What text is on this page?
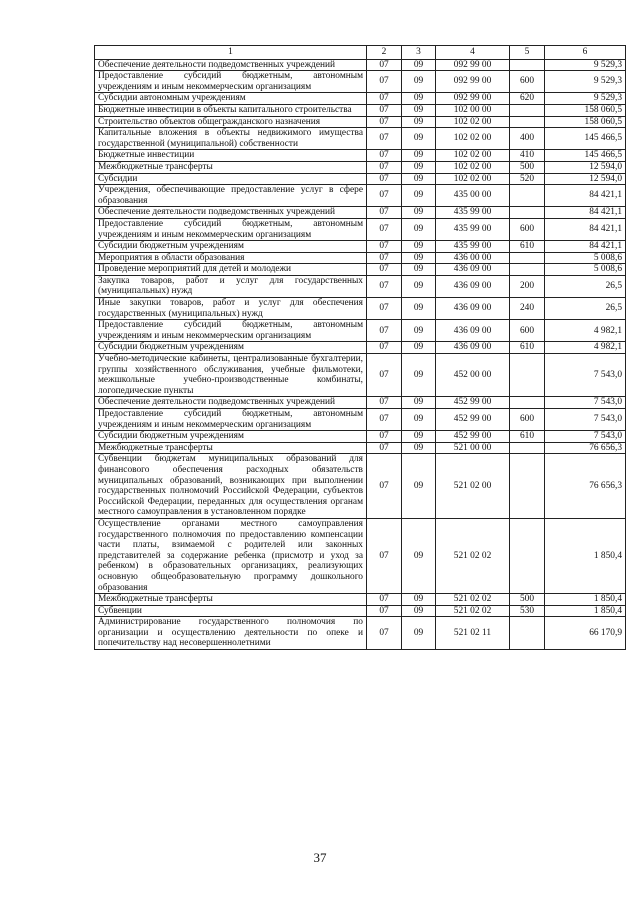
1	2	3	4	5	6
Обеспечение деятельности подведомственных учреждений	07	09	092 99 00		9 529,3
Предоставление субсидий бюджетным, автономным учреждениям и иным некоммерческим организациям	07	09	092 99 00	600	9 529,3
Субсидии автономным учреждениям	07	09	092 99 00	620	9 529,3
Бюджетные инвестиции в объекты капитального строительства	07	09	102 00 00		158 060,5
Строительство объектов общегражданского назначения	07	09	102 02 00		158 060,5
Капитальные вложения в объекты недвижимого имущества государственной (муниципальной) собственности	07	09	102 02 00	400	145 466,5
Бюджетные инвестиции	07	09	102 02 00	410	145 466,5
Межбюджетные трансферты	07	09	102 02 00	500	12 594,0
Субсидии	07	09	102 02 00	520	12 594,0
Учреждения, обеспечивающие предоставление услуг в сфере образования	07	09	435 00 00		84 421,1
Обеспечение деятельности подведомственных учреждений	07	09	435 99 00		84 421,1
Предоставление субсидий бюджетным, автономным учреждениям и иным некоммерческим организациям	07	09	435 99 00	600	84 421,1
Субсидии бюджетным учреждениям	07	09	435 99 00	610	84 421,1
Мероприятия в области образования	07	09	436 00 00		5 008,6
Проведение мероприятий для детей и молодежи	07	09	436 09 00		5 008,6
Закупка товаров, работ и услуг для государственных (муниципальных) нужд	07	09	436 09 00	200	26,5
Иные закупки товаров, работ и услуг для обеспечения государственных (муниципальных) нужд	07	09	436 09 00	240	26,5
Предоставление субсидий бюджетным, автономным учреждениям и иным некоммерческим организациям	07	09	436 09 00	600	4 982,1
Субсидии бюджетным учреждениям	07	09	436 09 00	610	4 982,1
Учебно-методические кабинеты, централизованные бухгалтерии, группы хозяйственного обслуживания, учебные фильмотеки, межшкольные учебно-производственные комбинаты, логопедические пункты	07	09	452 00 00		7 543,0
Обеспечение деятельности подведомственных учреждений	07	09	452 99 00		7 543,0
Предоставление субсидий бюджетным, автономным учреждениям и иным некоммерческим организациям	07	09	452 99 00	600	7 543,0
Субсидии бюджетным учреждениям	07	09	452 99 00	610	7 543,0
Межбюджетные трансферты	07	09	521 00 00		76 656,3
Субвенции бюджетам муниципальных образований для финансового обеспечения расходных обязательств муниципальных образований, возникающих при выполнении государственных полномочий Российской Федерации, субъектов Российской Федерации, переданных для осуществления органам местного самоуправления в установленном порядке	07	09	521 02 00		76 656,3
Осуществление органами местного самоуправления государственного полномочия по предоставлению компенсации части платы, взимаемой с родителей или законных представителей за содержание ребенка (присмотр и уход за ребенком) в образовательных организациях, реализующих основную общеобразовательную программу дошкольного образования	07	09	521 02 02		1 850,4
Межбюджетные трансферты	07	09	521 02 02	500	1 850,4
Субвенции	07	09	521 02 02	530	1 850,4
Администрирование государственного полномочия по организации и осуществлению деятельности по опеке и попечительству над несовершеннолетними	07	09	521 02 11		66 170,9
37
